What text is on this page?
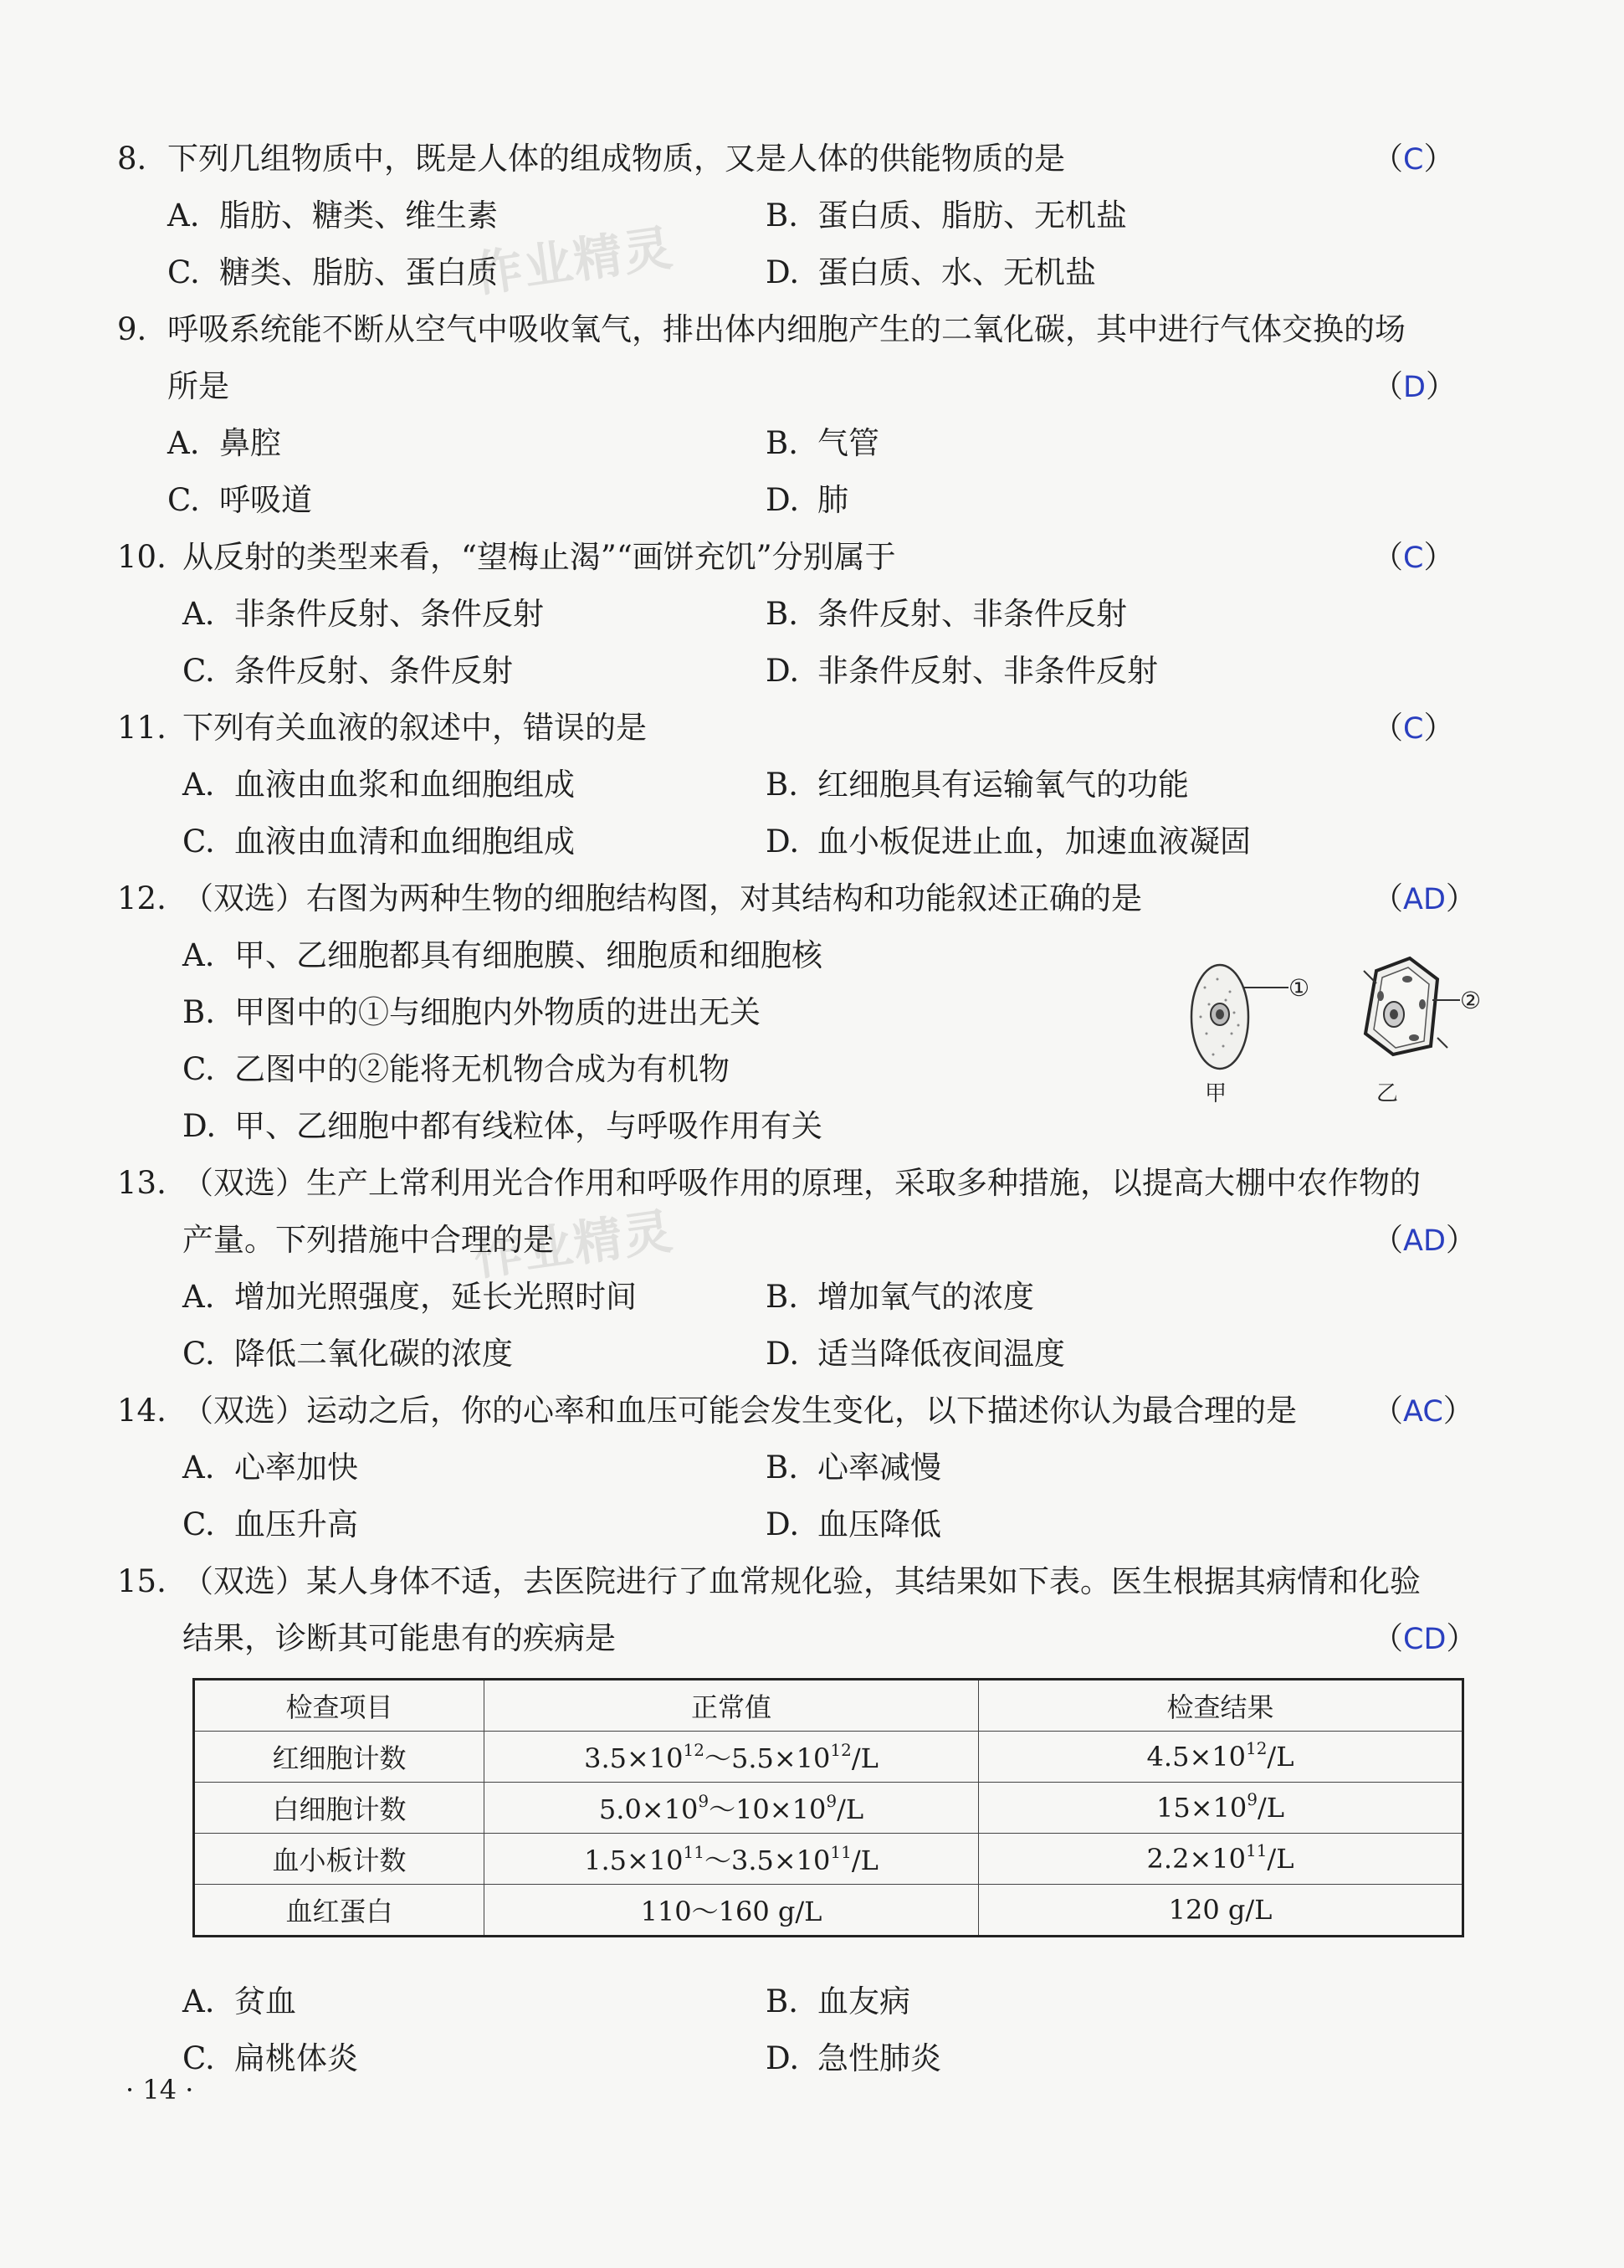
作业精灵
作业精灵
8. 下列几组物质中，既是人体的组成物质，又是人体的供能物质的是	（C）
A. 脂肪、糖类、维生素	B. 蛋白质、脂肪、无机盐
C. 糖类、脂肪、蛋白质	D. 蛋白质、水、无机盐
9. 呼吸系统能不断从空气中吸收氧气，排出体内细胞产生的二氧化碳，其中进行气体交换的场
所是	（D）
A. 鼻腔	B. 气管
C. 呼吸道	D. 肺
10. 从反射的类型来看，“望梅止渴”“画饼充饥”分别属于	（C）
A. 非条件反射、条件反射	B. 条件反射、非条件反射
C. 条件反射、条件反射	D. 非条件反射、非条件反射
11. 下列有关血液的叙述中，错误的是	（C）
A. 血液由血浆和血细胞组成	B. 红细胞具有运输氧气的功能
C. 血液由血清和血细胞组成	D. 血小板促进止血，加速血液凝固
12. （双选）右图为两种生物的细胞结构图，对其结构和功能叙述正确的是	（AD）
A. 甲、乙细胞都具有细胞膜、细胞质和细胞核
B. 甲图中的①与细胞内外物质的进出无关
C. 乙图中的②能将无机物合成为有机物
D. 甲、乙细胞中都有线粒体，与呼吸作用有关
①
甲
②
乙
13. （双选）生产上常利用光合作用和呼吸作用的原理，采取多种措施，以提高大棚中农作物的
产量。下列措施中合理的是	（AD）
A. 增加光照强度，延长光照时间	B. 增加氧气的浓度
C. 降低二氧化碳的浓度	D. 适当降低夜间温度
14. （双选）运动之后，你的心率和血压可能会发生变化，以下描述你认为最合理的是 （AC）
A. 心率加快	B. 心率减慢
C. 血压升高	D. 血压降低
15. （双选）某人身体不适，去医院进行了血常规化验，其结果如下表。医生根据其病情和化验
结果，诊断其可能患有的疾病是	（CD）
检查项目	正常值	检查结果
红细胞计数	$3.5\times 10^{12}\sim 5.5\times 10^{12}/L$	$4.5\times 10^{12}/L$
白细胞计数	$5.0\times 10^9\sim 10\times 10^9/L$	$15\times 10^9/L$
血小板计数	$1.5\times 10^{11}\sim 3.5\times 10^{11}/L$	$2.2\times 10^{11}/L$
血红蛋白	110～160 g/L	120 g/L
A. 贫血	B. 血友病
C. 扁桃体炎	D. 急性肺炎
· 14 ·
